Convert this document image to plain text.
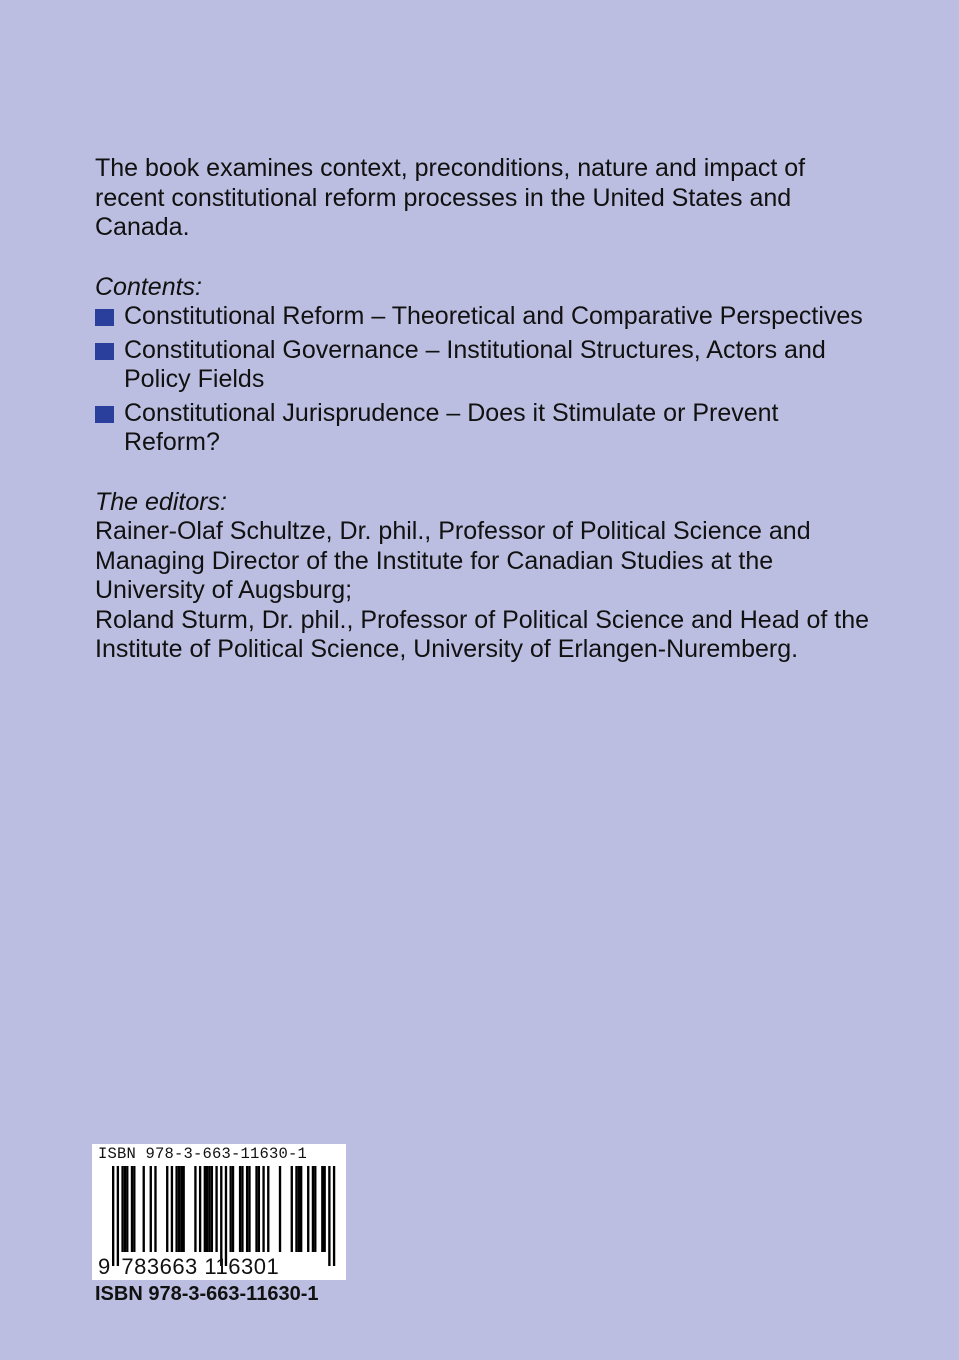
The book examines context, preconditions, nature and impact of recent constitutional reform processes in the United States and Canada.

Contents:

Constitutional Reform – Theoretical and Comparative Perspectives
Constitutional Governance – Institutional Structures, Actors and Policy Fields
Constitutional Jurisprudence – Does it Stimulate or Prevent Reform?

The editors:

Rainer-Olaf Schultze, Dr. phil., Professor of Political Science and Managing Director of the Institute for Canadian Studies at the University of Augsburg;

Roland Sturm, Dr. phil., Professor of Political Science and Head of the Institute of Political Science, University of Erlangen-Nuremberg.

ISBN 978-3-663-11630-1
9 783663 116301
ISBN 978-3-663-11630-1
